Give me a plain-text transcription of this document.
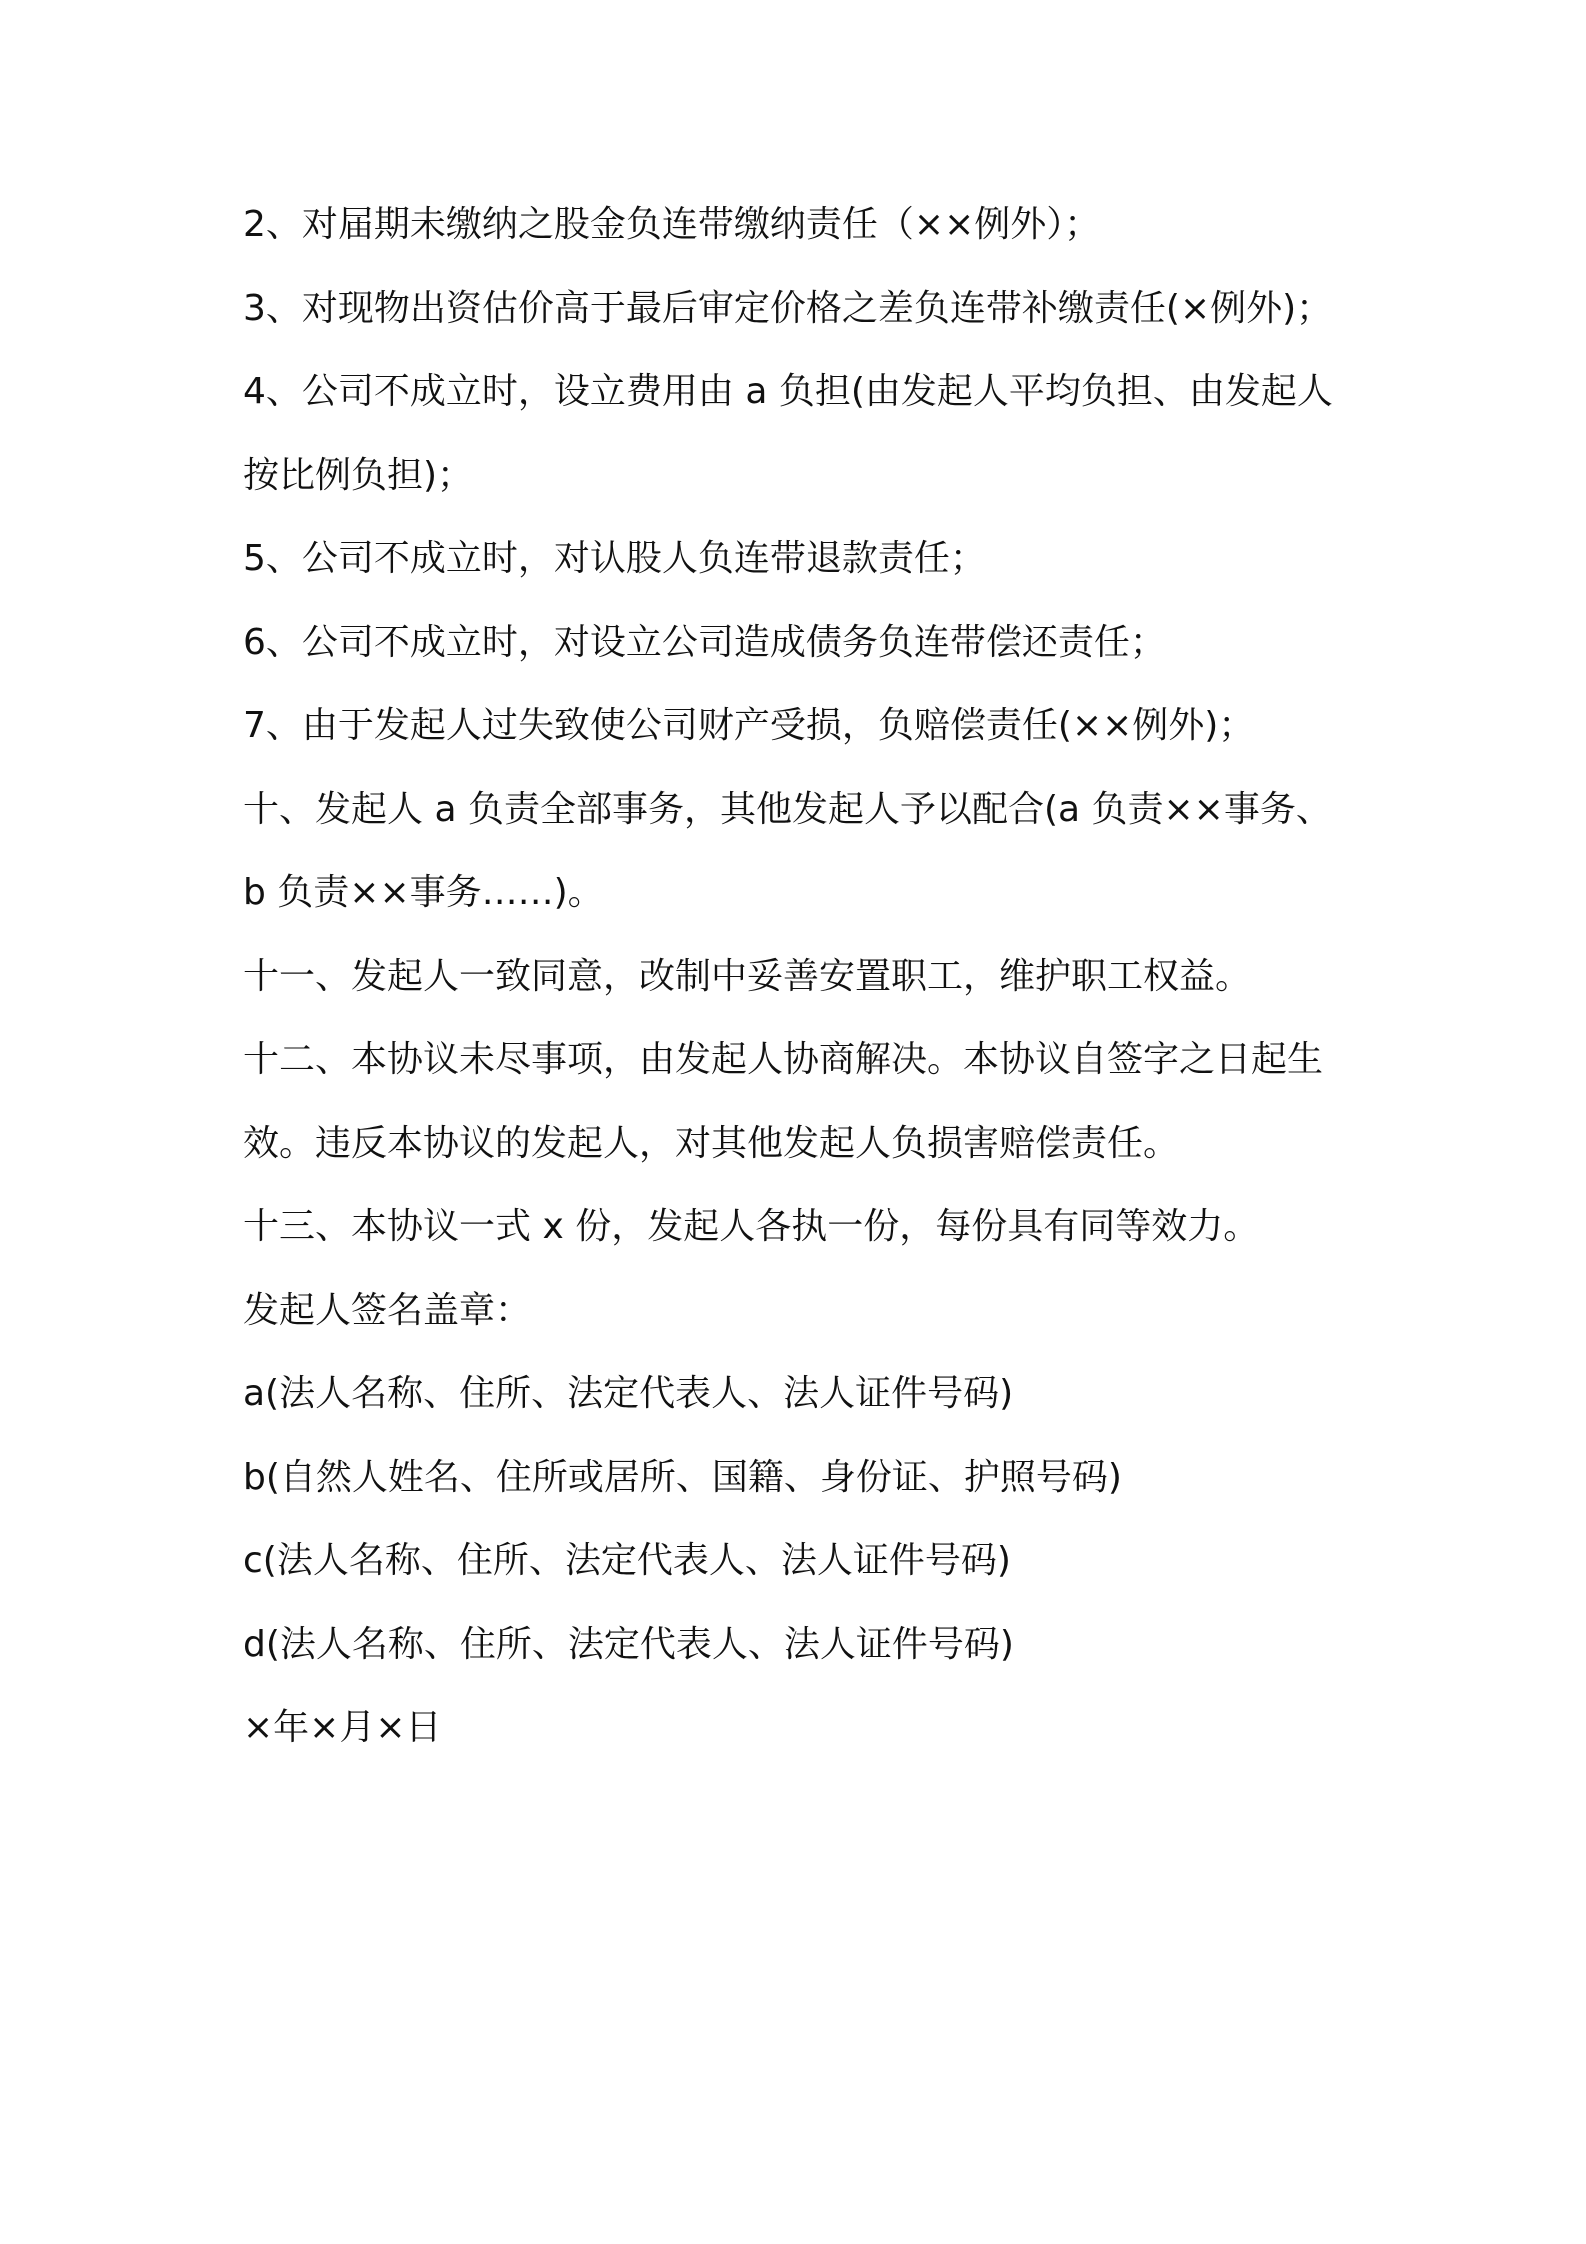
2、对届期未缴纳之股金负连带缴纳责任（××例外）；
3、对现物出资估价高于最后审定价格之差负连带补缴责任(×例外)；
4、公司不成立时，设立费用由 a 负担(由发起人平均负担、由发起人
按比例负担)；
5、公司不成立时，对认股人负连带退款责任；
6、公司不成立时，对设立公司造成债务负连带偿还责任；
7、由于发起人过失致使公司财产受损，负赔偿责任(××例外)；
十、发起人 a 负责全部事务，其他发起人予以配合(a 负责××事务、
b 负责××事务……)。
十一、发起人一致同意，改制中妥善安置职工，维护职工权益。
十二、本协议未尽事项，由发起人协商解决。本协议自签字之日起生
效。违反本协议的发起人，对其他发起人负损害赔偿责任。
十三、本协议一式 x 份，发起人各执一份，每份具有同等效力。
发起人签名盖章：
a(法人名称、住所、法定代表人、法人证件号码)
b(自然人姓名、住所或居所、国籍、身份证、护照号码)
c(法人名称、住所、法定代表人、法人证件号码)
d(法人名称、住所、法定代表人、法人证件号码)
×年×月×日
